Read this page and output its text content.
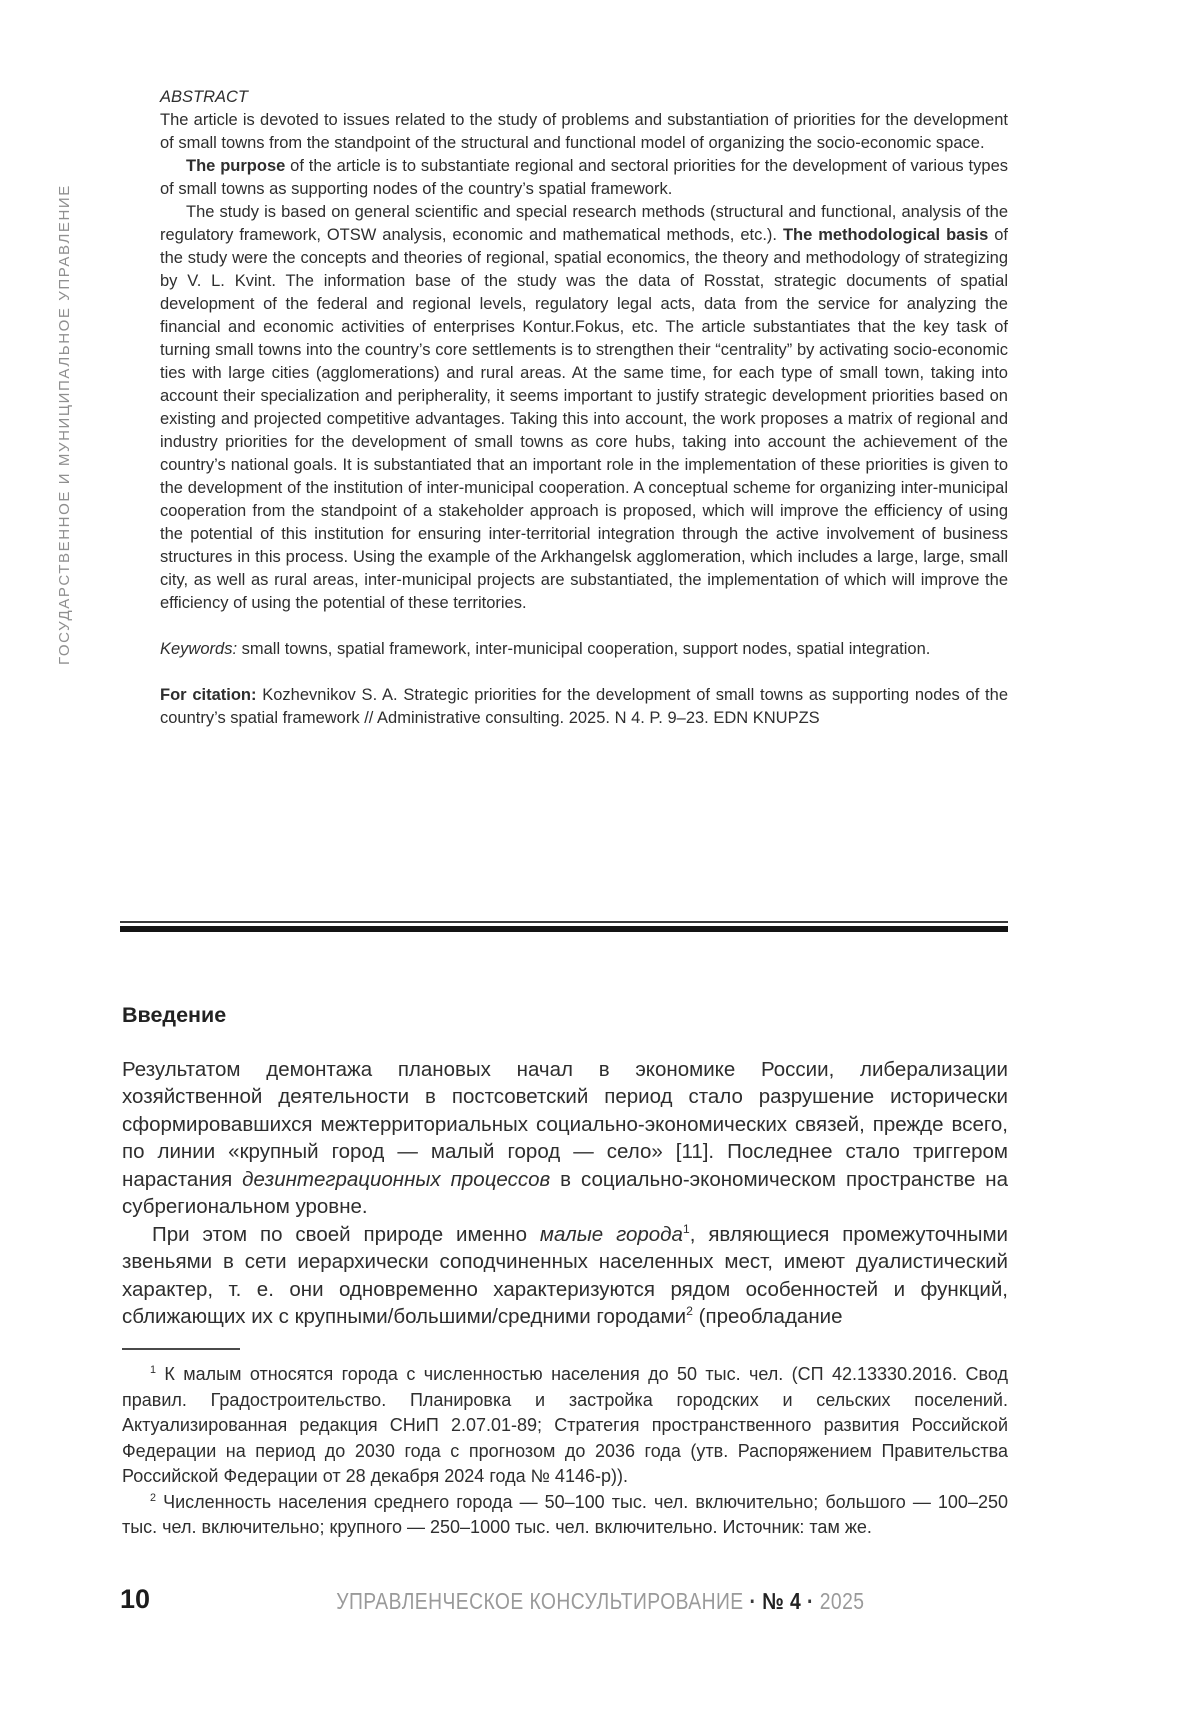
ГОСУДАРСТВЕННОЕ И МУНИЦИПАЛЬНОЕ УПРАВЛЕНИЕ

ABSTRACT

The article is devoted to issues related to the study of problems and substantiation of priorities for the development of small towns from the standpoint of the structural and functional model of organizing the socio-economic space.

The purpose of the article is to substantiate regional and sectoral priorities for the development of various types of small towns as supporting nodes of the country’s spatial framework.

The study is based on general scientific and special research methods (structural and functional, analysis of the regulatory framework, OTSW analysis, economic and mathematical methods, etc.). The methodological basis of the study were the concepts and theories of regional, spatial economics, the theory and methodology of strategizing by V. L. Kvint. The information base of the study was the data of Rosstat, strategic documents of spatial development of the federal and regional levels, regulatory legal acts, data from the service for analyzing the financial and economic activities of enterprises Kontur.Fokus, etc. The article substantiates that the key task of turning small towns into the country’s core settlements is to strengthen their “centrality” by activating socio-economic ties with large cities (agglomerations) and rural areas. At the same time, for each type of small town, taking into account their specialization and peripherality, it seems important to justify strategic development priorities based on existing and projected competitive advantages. Taking this into account, the work proposes a matrix of regional and industry priorities for the development of small towns as core hubs, taking into account the achievement of the country’s national goals. It is substantiated that an important role in the implementation of these priorities is given to the development of the institution of inter-municipal cooperation. A conceptual scheme for organizing inter-municipal cooperation from the standpoint of a stakeholder approach is proposed, which will improve the efficiency of using the potential of this institution for ensuring inter-territorial integration through the active involvement of business structures in this process. Using the example of the Arkhangelsk agglomeration, which includes a large, large, small city, as well as rural areas, inter-municipal projects are substantiated, the implementation of which will improve the efficiency of using the potential of these territories.

Keywords: small towns, spatial framework, inter-municipal cooperation, support nodes, spatial integration.

For citation: Kozhevnikov S. A. Strategic priorities for the development of small towns as supporting nodes of the country’s spatial framework // Administrative consulting. 2025. N 4. P. 9–23. EDN KNUPZS

Введение

Результатом демонтажа плановых начал в экономике России, либерализации хозяйственной деятельности в постсоветский период стало разрушение исторически сформировавшихся межтерриториальных социально-экономических связей, прежде всего, по линии «крупный город — малый город — село» [11]. Последнее стало триггером нарастания дезинтеграционных процессов в социально-экономическом пространстве на субрегиональном уровне.

При этом по своей природе именно малые города$^1$, являющиеся промежуточными звеньями в сети иерархически соподчиненных населенных мест, имеют дуалистический характер, т. е. они одновременно характеризуются рядом особенностей и функций, сближающих их с крупными/большими/средними городами$^2$ (преобладание

$^1$ К малым относятся города с численностью населения до 50 тыс. чел. (СП 42.13330.2016. Свод правил. Градостроительство. Планировка и застройка городских и сельских поселений. Актуализированная редакция СНиП 2.07.01-89; Стратегия пространственного развития Российской Федерации на период до 2030 года с прогнозом до 2036 года (утв. Распоряжением Правительства Российской Федерации от 28 декабря 2024 года № 4146-р)).

$^2$ Численность населения среднего города — 50–100 тыс. чел. включительно; большого — 100–250 тыс. чел. включительно; крупного — 250–1000 тыс. чел. включительно. Источник: там же.

10	УПРАВЛЕНЧЕСКОЕ КОНСУЛЬТИРОВАНИЕ · № 4 · 2025
